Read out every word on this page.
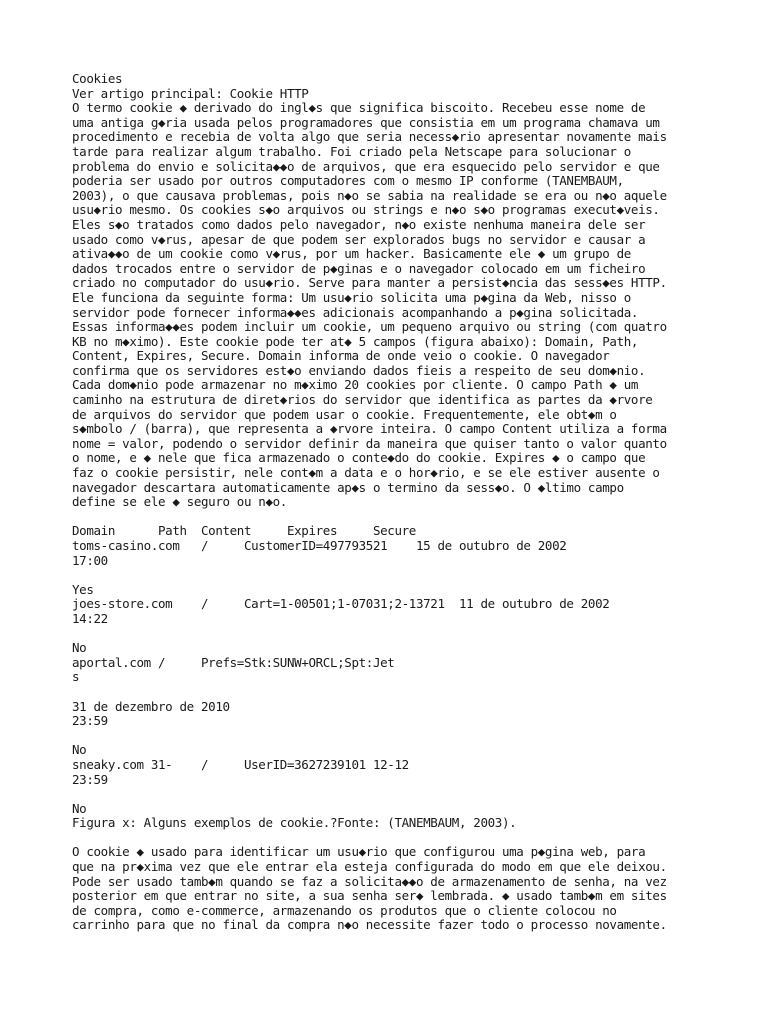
Cookies
Ver artigo principal: Cookie HTTP
O termo cookie ◆ derivado do ingl◆s que significa biscoito. Recebeu esse nome de
uma antiga g◆ria usada pelos programadores que consistia em um programa chamava um
procedimento e recebia de volta algo que seria necess◆rio apresentar novamente mais
tarde para realizar algum trabalho. Foi criado pela Netscape para solucionar o
problema do envio e solicita◆◆o de arquivos, que era esquecido pelo servidor e que
poderia ser usado por outros computadores com o mesmo IP conforme (TANEMBAUM,
2003), o que causava problemas, pois n◆o se sabia na realidade se era ou n◆o aquele
usu◆rio mesmo. Os cookies s◆o arquivos ou strings e n◆o s◆o programas execut◆veis.
Eles s◆o tratados como dados pelo navegador, n◆o existe nenhuma maneira dele ser
usado como v◆rus, apesar de que podem ser explorados bugs no servidor e causar a
ativa◆◆o de um cookie como v◆rus, por um hacker. Basicamente ele ◆ um grupo de
dados trocados entre o servidor de p◆ginas e o navegador colocado em um ficheiro
criado no computador do usu◆rio. Serve para manter a persist◆ncia das sess◆es HTTP.
Ele funciona da seguinte forma: Um usu◆rio solicita uma p◆gina da Web, nisso o
servidor pode fornecer informa◆◆es adicionais acompanhando a p◆gina solicitada.
Essas informa◆◆es podem incluir um cookie, um pequeno arquivo ou string (com quatro
KB no m◆ximo). Este cookie pode ter at◆ 5 campos (figura abaixo): Domain, Path,
Content, Expires, Secure. Domain informa de onde veio o cookie. O navegador
confirma que os servidores est◆o enviando dados fieis a respeito de seu dom◆nio.
Cada dom◆nio pode armazenar no m◆ximo 20 cookies por cliente. O campo Path ◆ um
caminho na estrutura de diret◆rios do servidor que identifica as partes da ◆rvore
de arquivos do servidor que podem usar o cookie. Frequentemente, ele obt◆m o
s◆mbolo / (barra), que representa a ◆rvore inteira. O campo Content utiliza a forma
nome = valor, podendo o servidor definir da maneira que quiser tanto o valor quanto
o nome, e ◆ nele que fica armazenado o conte◆do do cookie. Expires ◆ o campo que
faz o cookie persistir, nele cont◆m a data e o hor◆rio, e se ele estiver ausente o
navegador descartara automaticamente ap◆s o termino da sess◆o. O ◆ltimo campo
define se ele ◆ seguro ou n◆o.
Domain      Path  Content     Expires     Secure
toms-casino.com   /     CustomerID=497793521    15 de outubro de 2002
17:00
Yes
joes-store.com    /     Cart=1-00501;1-07031;2-13721  11 de outubro de 2002
14:22
No
aportal.com /     Prefs=Stk:SUNW+ORCL;Spt:Jet
s
31 de dezembro de 2010
23:59
No
sneaky.com 31-    /     UserID=3627239101 12-12
23:59
No
Figura x: Alguns exemplos de cookie.?Fonte: (TANEMBAUM, 2003).
O cookie ◆ usado para identificar um usu◆rio que configurou uma p◆gina web, para
que na pr◆xima vez que ele entrar ela esteja configurada do modo em que ele deixou.
Pode ser usado tamb◆m quando se faz a solicita◆◆o de armazenamento de senha, na vez
posterior em que entrar no site, a sua senha ser◆ lembrada. ◆ usado tamb◆m em sites
de compra, como e-commerce, armazenando os produtos que o cliente colocou no
carrinho para que no final da compra n◆o necessite fazer todo o processo novamente.
